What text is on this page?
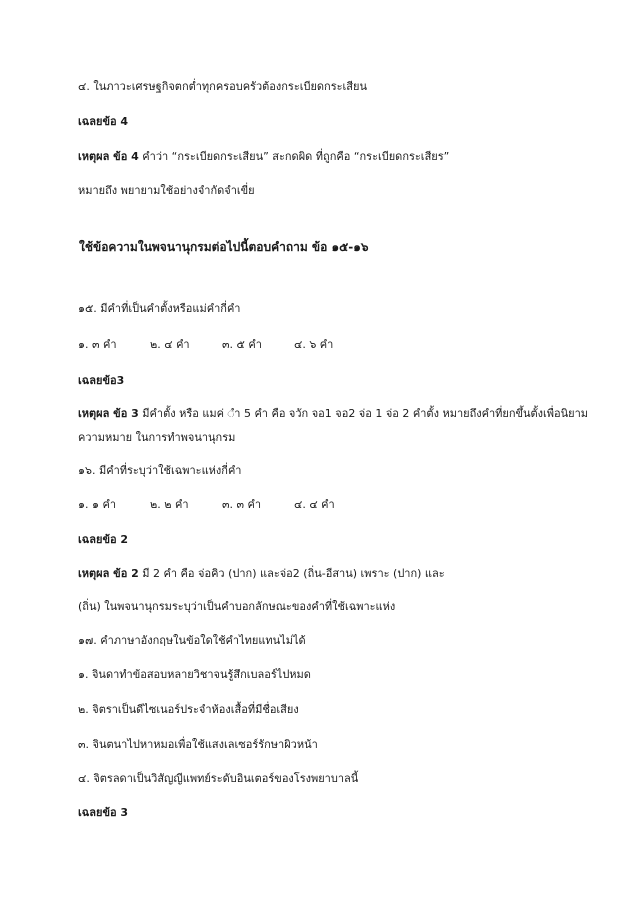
๔. ในภาวะเศรษฐกิจตกต่ำทุกครอบครัวต้องกระเบียดกระเสียน
เฉลยข้อ 4
เหตุผล ข้อ 4 คำว่า “กระเบียดกระเสียน” สะกดผิด ที่ถูกคือ “กระเบียดกระเสียร”
หมายถึง พยายามใช้อย่างจำกัดจำเขี่ย
ใช้ข้อความในพจนานุกรมต่อไปนี้ตอบคำถาม ข้อ ๑๕-๑๖
๑๕. มีคำที่เป็นคำตั้งหรือแม่คำกี่คำ
๑. ๓ คำ	๒. ๔ คำ	๓. ๕ คำ	๔. ๖ คำ
เฉลยข้อ3
เหตุผล ข้อ 3 มีคำตั้ง หรือ แมค่ ◌ำ 5 คำ คือ จวัก จอ1 จอ2 จ่อ 1 จ่อ 2 คำตั้ง หมายถึงคำที่ยกขึ้นตั้งเพื่อนิยาม
ความหมาย ในการทำพจนานุกรม
๑๖. มีคำที่ระบุว่าใช้เฉพาะแห่งกี่คำ
๑. ๑ คำ	๒. ๒ คำ	๓. ๓ คำ	๔. ๔ คำ
เฉลยข้อ 2
เหตุผล ข้อ 2 มี 2 คำ คือ จ่อคิว (ปาก) และจ่อ2 (ถิ่น-อีสาน) เพราะ (ปาก) และ
(ถิ่น) ในพจนานุกรมระบุว่าเป็นคำบอกลักษณะของคำที่ใช้เฉพาะแห่ง
๑๗. คำภาษาอังกฤษในข้อใดใช้คำไทยแทนไม่ได้
๑. จินดาทำข้อสอบหลายวิชาจนรู้สึกเบลอร์ไปหมด
๒. จิตราเป็นดีไซเนอร์ประจำห้องเสื้อที่มีชื่อเสียง
๓. จินตนาไปหาหมอเพื่อใช้แสงเลเซอร์รักษาผิวหน้า
๔. จิตรลดาเป็นวิสัญญีแพทย์ระดับอินเตอร์ของโรงพยาบาลนี้
เฉลยข้อ 3
